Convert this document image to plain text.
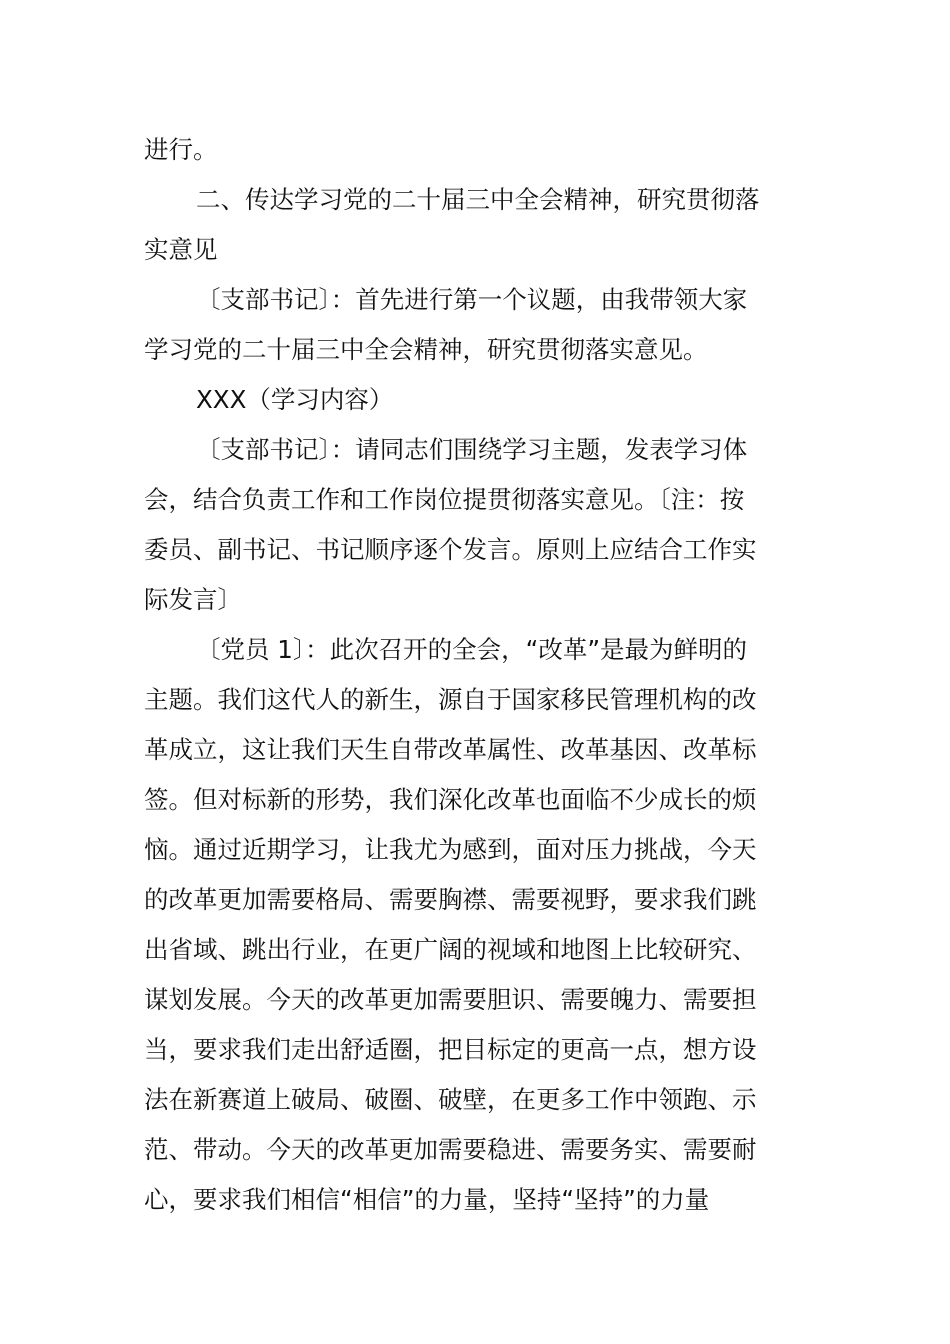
进行。
二、传达学习党的二十届三中全会精神，研究贯彻落
实意见
〔支部书记〕：首先进行第一个议题，由我带领大家
学习党的二十届三中全会精神，研究贯彻落实意见。
XXX（学习内容）
〔支部书记〕：请同志们围绕学习主题，发表学习体
会，结合负责工作和工作岗位提贯彻落实意见。〔注：按
委员、副书记、书记顺序逐个发言。原则上应结合工作实
际发言〕
〔党员 1〕：此次召开的全会，“改革”是最为鲜明的
主题。我们这代人的新生，源自于国家移民管理机构的改
革成立，这让我们天生自带改革属性、改革基因、改革标
签。但对标新的形势，我们深化改革也面临不少成长的烦
恼。通过近期学习，让我尤为感到，面对压力挑战，今天
的改革更加需要格局、需要胸襟、需要视野，要求我们跳
出省域、跳出行业，在更广阔的视域和地图上比较研究、
谋划发展。今天的改革更加需要胆识、需要魄力、需要担
当，要求我们走出舒适圈，把目标定的更高一点，想方设
法在新赛道上破局、破圈、破壁，在更多工作中领跑、示
范、带动。今天的改革更加需要稳进、需要务实、需要耐
心，要求我们相信“相信”的力量，坚持“坚持”的力量
